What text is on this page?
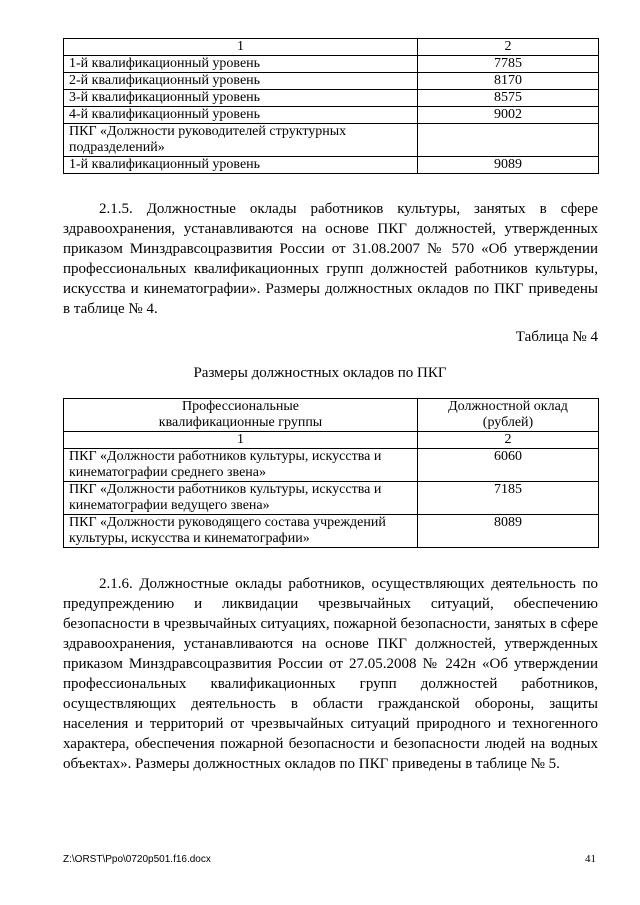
1	2
1-й квалификационный уровень	7785
2-й квалификационный уровень	8170
3-й квалификационный уровень	8575
4-й квалификационный уровень	9002
ПКГ «Должности руководителей структурных подразделений»	
1-й квалификационный уровень	9089

2.1.5. Должностные оклады работников культуры, занятых в сфере здравоохранения, устанавливаются на основе ПКГ должностей, утвержденных приказом Минздравсоцразвития России от 31.08.2007 № 570 «Об утверждении профессиональных квалификационных групп должностей работников культуры, искусства и кинематографии». Размеры должностных окладов по ПКГ приведены в таблице № 4.

Таблица № 4
Размеры должностных окладов по ПКГ
Профессиональные квалификационные группы	Должностной оклад (рублей)
1	2
ПКГ «Должности работников культуры, искусства и кинематографии среднего звена»	6060
ПКГ «Должности работников культуры, искусства и кинематографии ведущего звена»	7185
ПКГ «Должности руководящего состава учреждений культуры, искусства и кинематографии»	8089

2.1.6. Должностные оклады работников, осуществляющих деятельность по предупреждению и ликвидации чрезвычайных ситуаций, обеспечению безопасности в чрезвычайных ситуациях, пожарной безопасности, занятых в сфере здравоохранения, устанавливаются на основе ПКГ должностей, утвержденных приказом Минздравсоцразвития России от 27.05.2008 № 242н «Об утверждении профессиональных квалификационных групп должностей работников, осуществляющих деятельность в области гражданской обороны, защиты населения и территорий от чрезвычайных ситуаций природного и техногенного характера, обеспечения пожарной безопасности и безопасности людей на водных объектах». Размеры должностных окладов по ПКГ приведены в таблице № 5.

Z:\ORST\Ppo\0720p501.f16.docx	41
